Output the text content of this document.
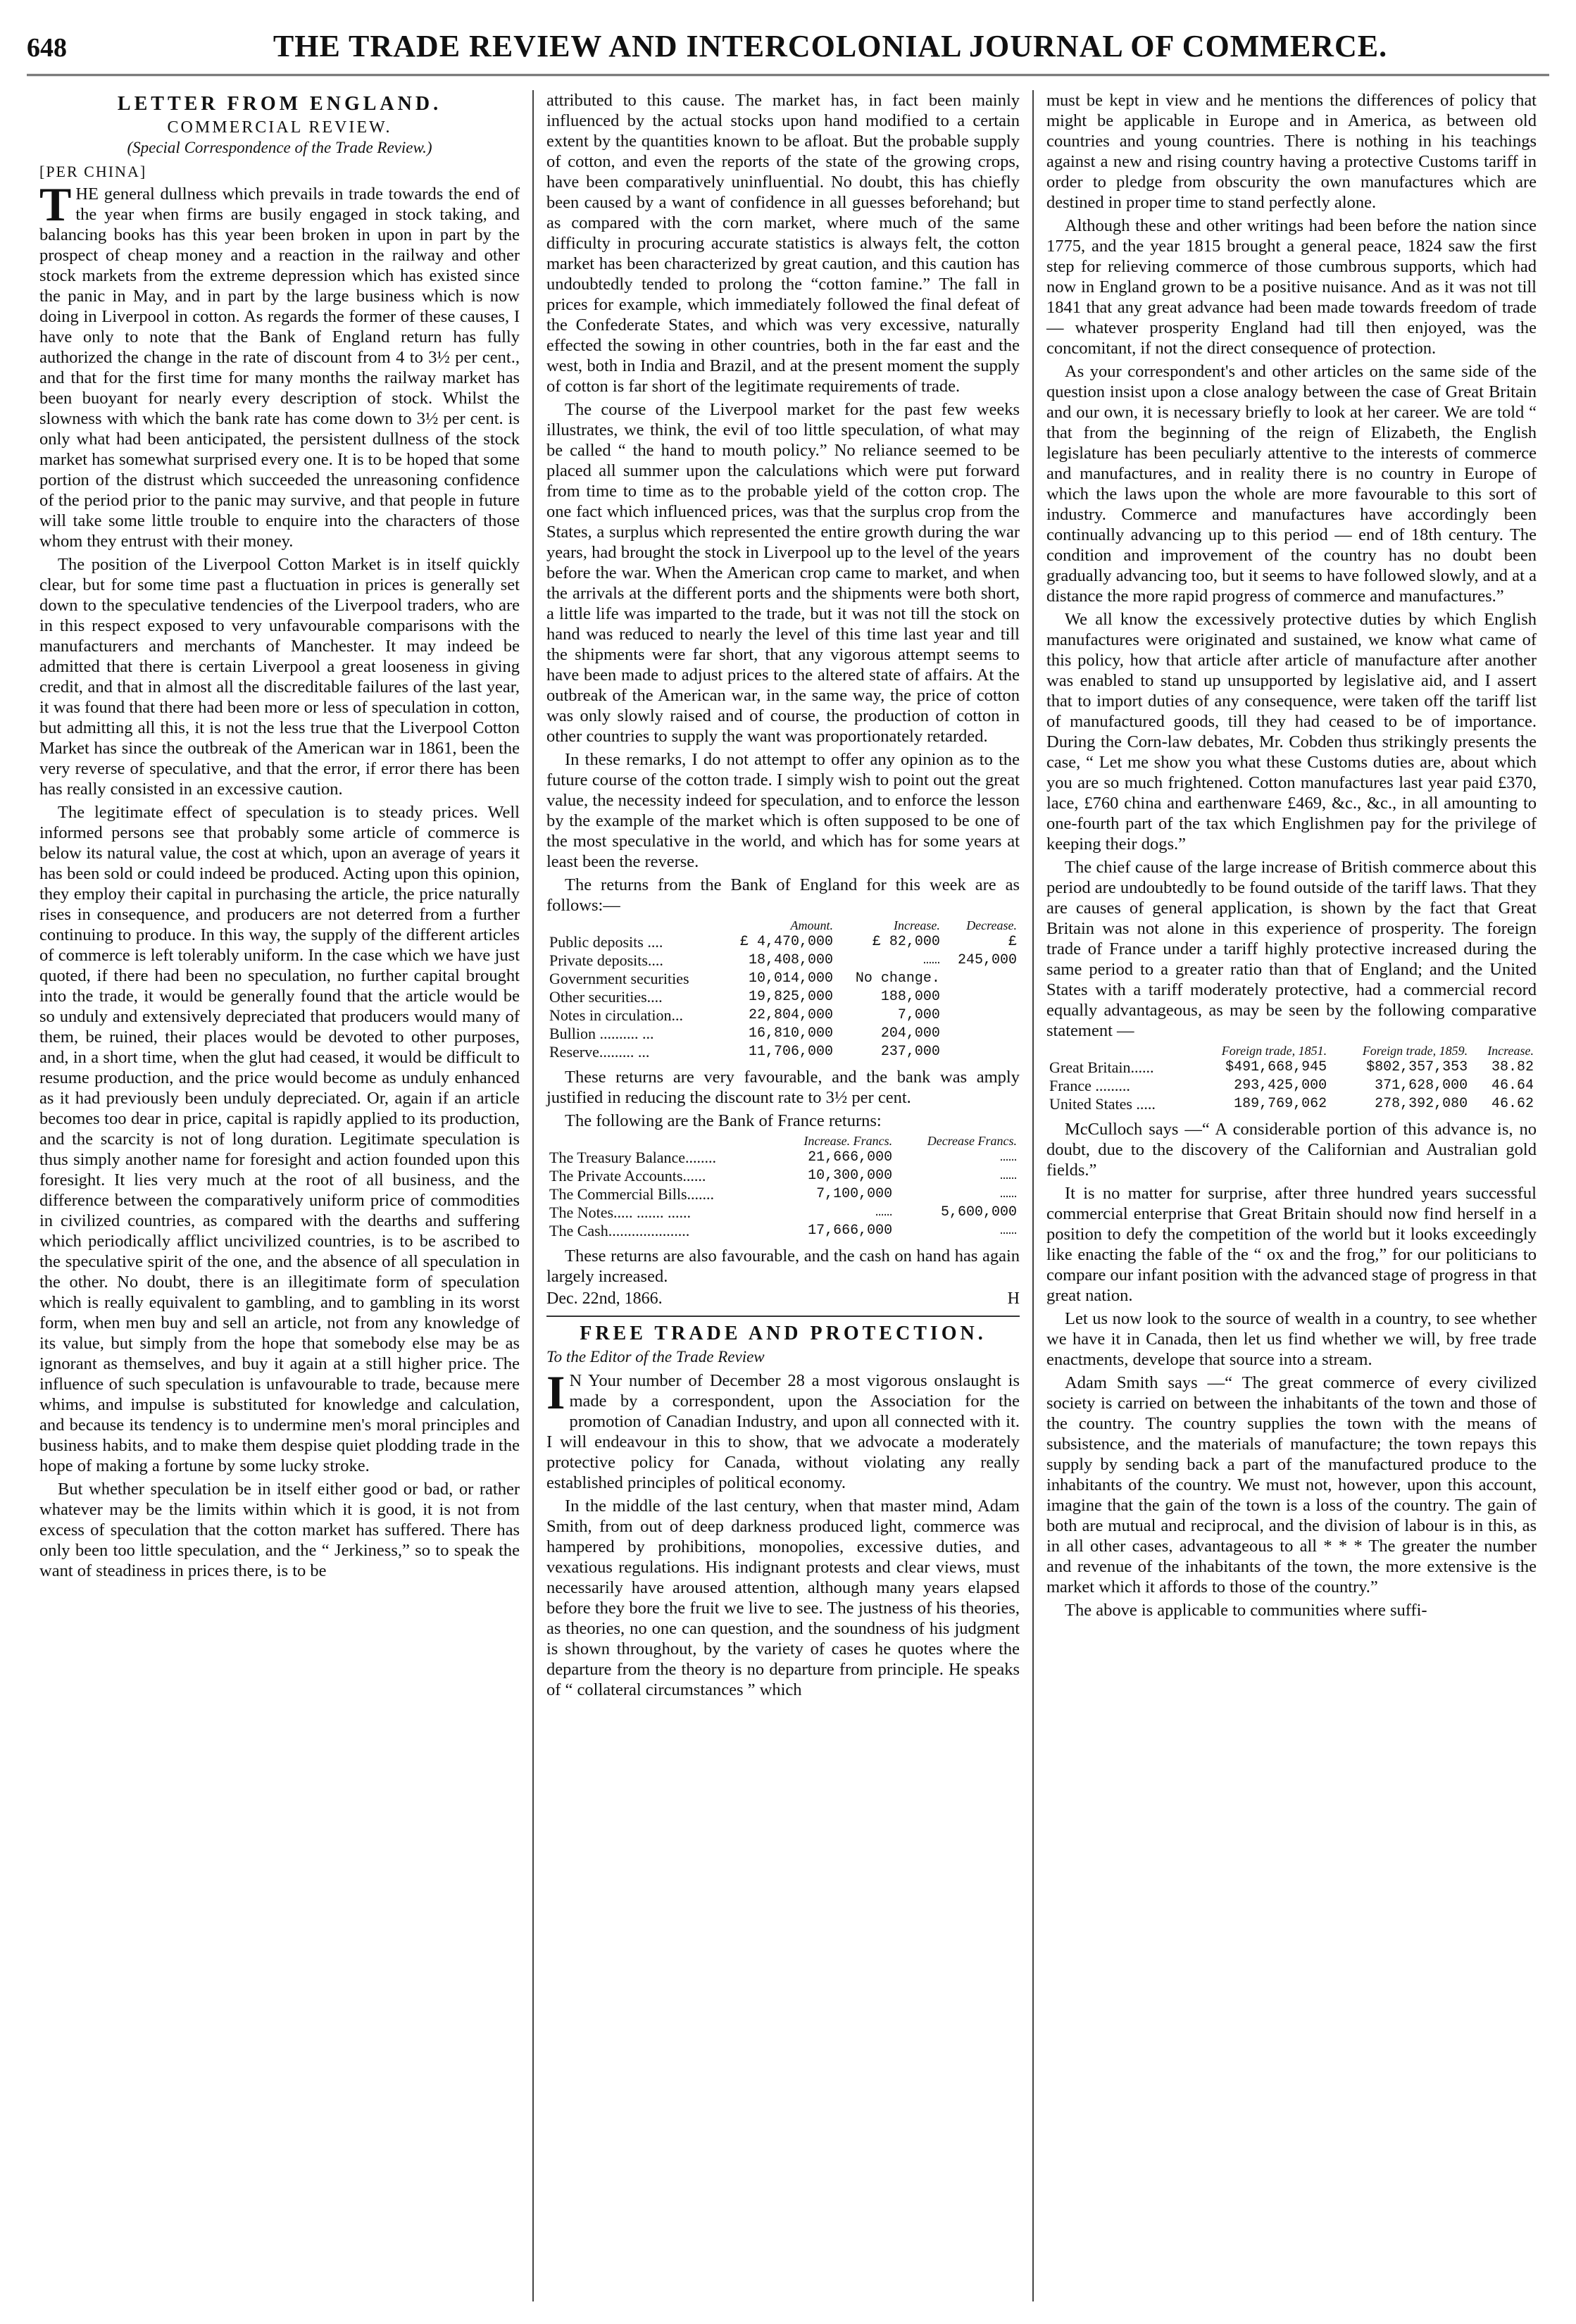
648	THE TRADE REVIEW AND INTERCOLONIAL JOURNAL OF COMMERCE.
LETTER FROM ENGLAND.
COMMERCIAL REVIEW.
(Special Correspondence of the Trade Review.)
[PER CHINA]

THE general dullness which prevails in trade towards the end of the year when firms are busily engaged in stock taking, and balancing books has this year been broken in upon in part by the prospect of cheap money and a reaction in the railway and other stock markets from the extreme depression which has existed since the panic in May, and in part by the large business which is now doing in Liverpool in cotton. As regards the former of these causes, I have only to note that the Bank of England return has fully authorized the change in the rate of discount from 4 to 3½ per cent., and that for the first time for many months the railway market has been buoyant for nearly every description of stock. Whilst the slowness with which the bank rate has come down to 3½ per cent. is only what had been anticipated, the persistent dullness of the stock market has somewhat surprised every one. It is to be hoped that some portion of the distrust which succeeded the unreasoning confidence of the period prior to the panic may survive, and that people in future will take some little trouble to enquire into the characters of those whom they entrust with their money.

The position of the Liverpool Cotton Market is in itself quickly clear, but for some time past a fluctuation in prices is generally set down to the speculative tendencies of the Liverpool traders, who are in this respect exposed to very unfavourable comparisons with the manufacturers and merchants of Manchester. It may indeed be admitted that there is certain Liverpool a great looseness in giving credit, and that in almost all the discreditable failures of the last year, it was found that there had been more or less of speculation in cotton, but admitting all this, it is not the less true that the Liverpool Cotton Market has since the outbreak of the American war in 1861, been the very reverse of speculative, and that the error, if error there has been has really consisted in an excessive caution.

The legitimate effect of speculation is to steady prices. Well informed persons see that probably some article of commerce is below its natural value, the cost at which, upon an average of years it has been sold or could indeed be produced. Acting upon this opinion, they employ their capital in purchasing the article, the price naturally rises in consequence, and producers are not deterred from a further continuing to produce. In this way, the supply of the different articles of commerce is left tolerably uniform. In the case which we have just quoted, if there had been no speculation, no further capital brought into the trade, it would be generally found that the article would be so unduly and extensively depreciated that producers would many of them, be ruined, their places would be devoted to other purposes, and, in a short time, when the glut had ceased, it would be difficult to resume production, and the price would become as unduly enhanced as it had previously been unduly depreciated. Or, again if an article becomes too dear in price, capital is rapidly applied to its production, and the scarcity is not of long duration. Legitimate speculation is thus simply another name for foresight and action founded upon this foresight. It lies very much at the root of all business, and the difference between the comparatively uniform price of commodities in civilized countries, as compared with the dearths and suffering which periodically afflict uncivilized countries, is to be ascribed to the speculative spirit of the one, and the absence of all speculation in the other. No doubt, there is an illegitimate form of speculation which is really equivalent to gambling, and to gambling in its worst form, when men buy and sell an article, not from any knowledge of its value, but simply from the hope that somebody else may be as ignorant as themselves, and buy it again at a still higher price. The influence of such speculation is unfavourable to trade, because mere whims, and impulse is substituted for knowledge and calculation, and because its tendency is to undermine men's moral principles and business habits, and to make them despise quiet plodding trade in the hope of making a fortune by some lucky stroke.

But whether speculation be in itself either good or bad, or rather whatever may be the limits within which it is good, it is not from excess of speculation that the cotton market has suffered. There has only been too little speculation, and the “ Jerkiness,” so to speak the want of steadiness in prices there, is to be

attributed to this cause. The market has, in fact been mainly influenced by the actual stocks upon hand modified to a certain extent by the quantities known to be afloat. But the probable supply of cotton, and even the reports of the state of the growing crops, have been comparatively uninfluential. No doubt, this has chiefly been caused by a want of confidence in all guesses beforehand; but as compared with the corn market, where much of the same difficulty in procuring accurate statistics is always felt, the cotton market has been characterized by great caution, and this caution has undoubtedly tended to prolong the “cotton famine.” The fall in prices for example, which immediately followed the final defeat of the Confederate States, and which was very excessive, naturally effected the sowing in other countries, both in the far east and the west, both in India and Brazil, and at the present moment the supply of cotton is far short of the legitimate requirements of trade.

The course of the Liverpool market for the past few weeks illustrates, we think, the evil of too little speculation, of what may be called “ the hand to mouth policy.” No reliance seemed to be placed all summer upon the calculations which were put forward from time to time as to the probable yield of the cotton crop. The one fact which influenced prices, was that the surplus crop from the States, a surplus which represented the entire growth during the war years, had brought the stock in Liverpool up to the level of the years before the war. When the American crop came to market, and when the arrivals at the different ports and the shipments were both short, a little life was imparted to the trade, but it was not till the stock on hand was reduced to nearly the level of this time last year and till the shipments were far short, that any vigorous attempt seems to have been made to adjust prices to the altered state of affairs. At the outbreak of the American war, in the same way, the price of cotton was only slowly raised and of course, the production of cotton in other countries to supply the want was proportionately retarded.

In these remarks, I do not attempt to offer any opinion as to the future course of the cotton trade. I simply wish to point out the great value, the necessity indeed for speculation, and to enforce the lesson by the example of the market which is often supposed to be one of the most speculative in the world, and which has for some years at least been the reverse.

The returns from the Bank of England for this week are as follows:—

	Amount.	Increase.	Decrease.
Public deposits ....	£ 4,470,000	£ 82,000	£
Private deposits....	18,408,000	……	245,000
Government securities	10,014,000	No change.	
Other securities....	19,825,000	188,000	
Notes in circulation...	22,804,000	7,000	
Bullion .......... ...	16,810,000	204,000	
Reserve......... ...	11,706,000	237,000	

These returns are very favourable, and the bank was amply justified in reducing the discount rate to 3½ per cent.

The following are the Bank of France returns:

	Increase. Francs.	Decrease Francs.
The Treasury Balance........	21,666,000	……
The Private Accounts......	10,300,000	……
The Commercial Bills.......	7,100,000	……
The Notes..... ....... ......	……	5,600,000
The Cash.....................	17,666,000	……

These returns are also favourable, and the cash on hand has again largely increased.

Dec. 22nd, 1866.	H
FREE TRADE AND PROTECTION.
To the Editor of the Trade Review

I N Your number of December 28 a most vigorous onslaught is made by a correspondent, upon the Association for the promotion of Canadian Industry, and upon all connected with it. I will endeavour in this to show, that we advocate a moderately protective policy for Canada, without violating any really established principles of political economy.

In the middle of the last century, when that master mind, Adam Smith, from out of deep darkness produced light, commerce was hampered by prohibitions, monopolies, excessive duties, and vexatious regulations. His indignant protests and clear views, must necessarily have aroused attention, although many years elapsed before they bore the fruit we live to see. The justness of his theories, as theories, no one can question, and the soundness of his judgment is shown throughout, by the variety of cases he quotes where the departure from the theory is no departure from principle. He speaks of “ collateral circumstances ” which

must be kept in view and he mentions the differences of policy that might be applicable in Europe and in America, as between old countries and young countries. There is nothing in his teachings against a new and rising country having a protective Customs tariff in order to pledge from obscurity the own manufactures which are destined in proper time to stand perfectly alone.

Although these and other writings had been before the nation since 1775, and the year 1815 brought a general peace, 1824 saw the first step for relieving commerce of those cumbrous supports, which had now in England grown to be a positive nuisance. And as it was not till 1841 that any great advance had been made towards freedom of trade — whatever prosperity England had till then enjoyed, was the concomitant, if not the direct consequence of protection.

As your correspondent's and other articles on the same side of the question insist upon a close analogy between the case of Great Britain and our own, it is necessary briefly to look at her career. We are told “ that from the beginning of the reign of Elizabeth, the English legislature has been peculiarly attentive to the interests of commerce and manufactures, and in reality there is no country in Europe of which the laws upon the whole are more favourable to this sort of industry. Commerce and manufactures have accordingly been continually advancing up to this period — end of 18th century. The condition and improvement of the country has no doubt been gradually advancing too, but it seems to have followed slowly, and at a distance the more rapid progress of commerce and manufactures.”

We all know the excessively protective duties by which English manufactures were originated and sustained, we know what came of this policy, how that article after article of manufacture after another was enabled to stand up unsupported by legislative aid, and I assert that to import duties of any consequence, were taken off the tariff list of manufactured goods, till they had ceased to be of importance. During the Corn-law debates, Mr. Cobden thus strikingly presents the case, “ Let me show you what these Customs duties are, about which you are so much frightened. Cotton manufactures last year paid £370, lace, £760 china and earthenware £469, &c., &c., in all amounting to one-fourth part of the tax which Englishmen pay for the privilege of keeping their dogs.”

The chief cause of the large increase of British commerce about this period are undoubtedly to be found outside of the tariff laws. That they are causes of general application, is shown by the fact that Great Britain was not alone in this experience of prosperity. The foreign trade of France under a tariff highly protective increased during the same period to a greater ratio than that of England; and the United States with a tariff moderately protective, had a commercial record equally advantageous, as may be seen by the following comparative statement —

	Foreign trade, 1851.	Foreign trade, 1859.	Increase.
Great Britain......	$491,668,945	$802,357,353	38.82
France .........	293,425,000	371,628,000	46.64
United States .....	189,769,062	278,392,080	46.62

McCulloch says —“ A considerable portion of this advance is, no doubt, due to the discovery of the Californian and Australian gold fields.”

It is no matter for surprise, after three hundred years successful commercial enterprise that Great Britain should now find herself in a position to defy the competition of the world but it looks exceedingly like enacting the fable of the “ ox and the frog,” for our politicians to compare our infant position with the advanced stage of progress in that great nation.

Let us now look to the source of wealth in a country, to see whether we have it in Canada, then let us find whether we will, by free trade enactments, develope that source into a stream.

Adam Smith says —“ The great commerce of every civilized society is carried on between the inhabitants of the town and those of the country. The country supplies the town with the means of subsistence, and the materials of manufacture; the town repays this supply by sending back a part of the manufactured produce to the inhabitants of the country. We must not, however, upon this account, imagine that the gain of the town is a loss of the country. The gain of both are mutual and reciprocal, and the division of labour is in this, as in all other cases, advantageous to all * * * The greater the number and revenue of the inhabitants of the town, the more extensive is the market which it affords to those of the country.”

The above is applicable to communities where suffi-
